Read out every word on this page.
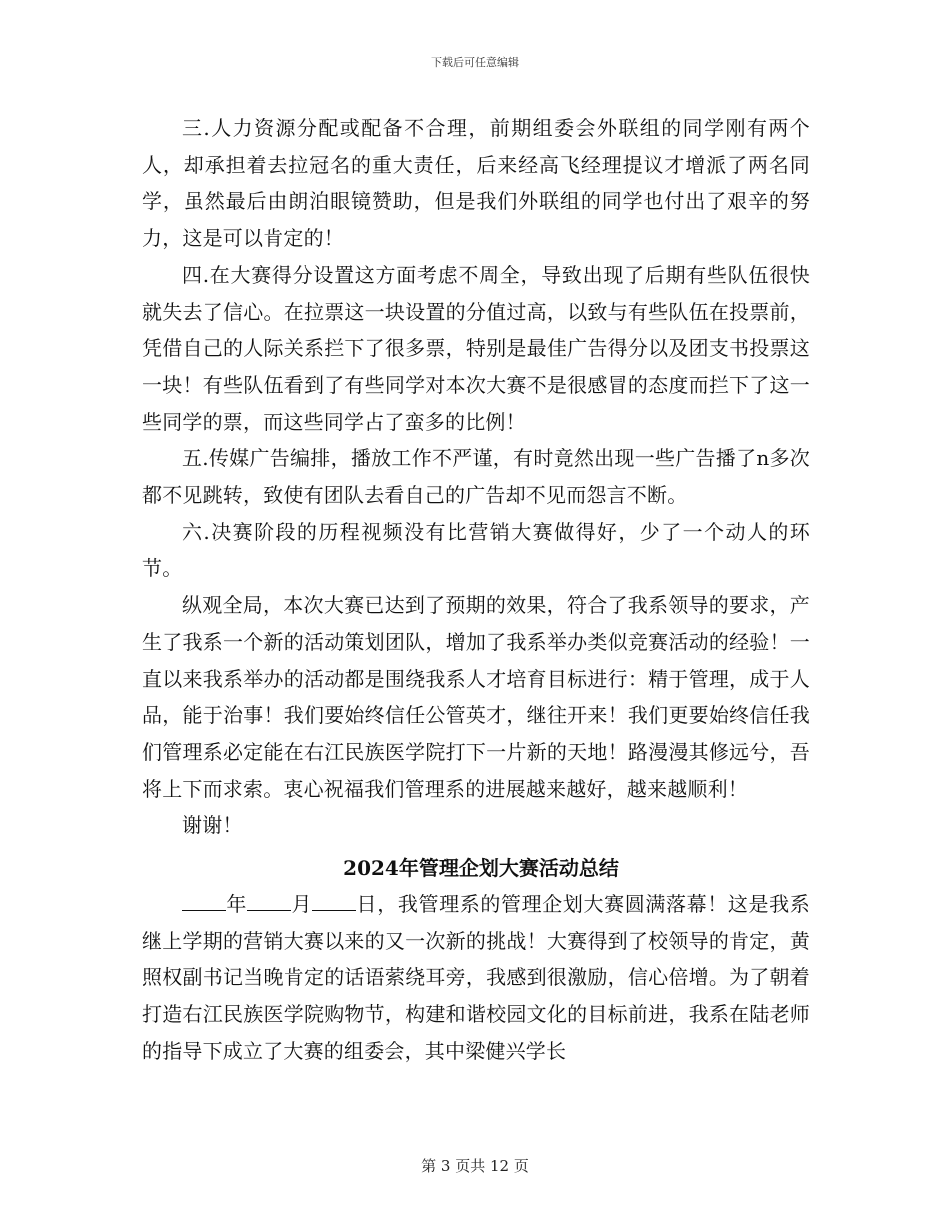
下载后可任意编辑

三.人力资源分配或配备不合理，前期组委会外联组的同学刚有两个人，却承担着去拉冠名的重大责任，后来经高飞经理提议才增派了两名同学，虽然最后由朗泊眼镜赞助，但是我们外联组的同学也付出了艰辛的努力，这是可以肯定的！

四.在大赛得分设置这方面考虑不周全，导致出现了后期有些队伍很快就失去了信心。在拉票这一块设置的分值过高，以致与有些队伍在投票前，凭借自己的人际关系拦下了很多票，特别是最佳广告得分以及团支书投票这一块！有些队伍看到了有些同学对本次大赛不是很感冒的态度而拦下了这一些同学的票，而这些同学占了蛮多的比例！

五.传媒广告编排，播放工作不严谨，有时竟然出现一些广告播了n多次都不见跳转，致使有团队去看自己的广告却不见而怨言不断。

六.决赛阶段的历程视频没有比营销大赛做得好，少了一个动人的环节。

纵观全局，本次大赛已达到了预期的效果，符合了我系领导的要求，产生了我系一个新的活动策划团队，增加了我系举办类似竞赛活动的经验！一直以来我系举办的活动都是围绕我系人才培育目标进行：精于管理，成于人品，能于治事！我们要始终信任公管英才，继往开来！我们更要始终信任我们管理系必定能在右江民族医学院打下一片新的天地！路漫漫其修远兮，吾将上下而求索。衷心祝福我们管理系的进展越来越好，越来越顺利！

谢谢！

2024年管理企划大赛活动总结

年 月 日，我管理系的管理企划大赛圆满落幕！这是我系继上学期的营销大赛以来的又一次新的挑战！大赛得到了校领导的肯定，黄照权副书记当晚肯定的话语萦绕耳旁，我感到很激励，信心倍增。为了朝着打造右江民族医学院购物节，构建和谐校园文化的目标前进，我系在陆老师的指导下成立了大赛的组委会，其中梁健兴学长

第 3 页共 12 页
